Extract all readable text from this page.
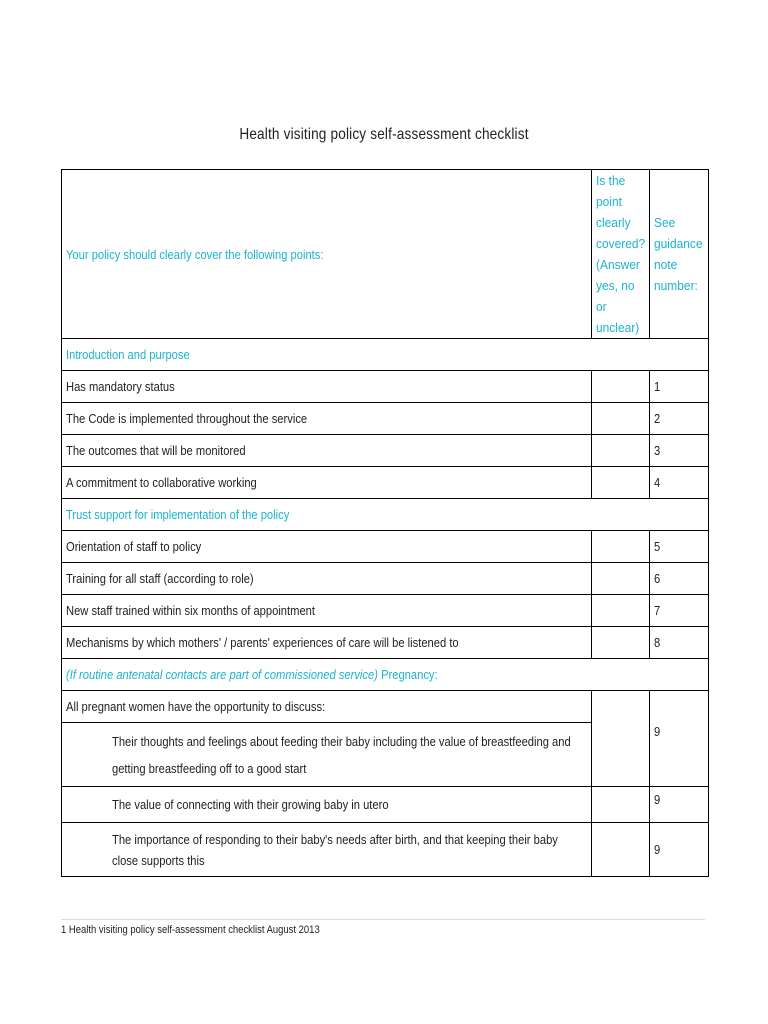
Health visiting policy self-assessment checklist
Your policy should clearly cover the following points:	Is the point clearly covered? (Answer yes, no or unclear)	See guidance note number:

Introduction and purpose		
Has mandatory status		1
The Code is implemented throughout the service		2
The outcomes that will be monitored		3
A commitment to collaborative working		4
Trust support for implementation of the policy		
Orientation of staff to policy		5
Training for all staff (according to role)		6
New staff trained within six months of appointment		7
Mechanisms by which mothers' / parents' experiences of care will be listened to		8
(If routine antenatal contacts are part of commissioned service) Pregnancy:		
All pregnant women have the opportunity to discuss:		9

Their thoughts and feelings about feeding their baby including the value of breastfeeding and getting breastfeeding off to a good start		

The value of connecting with their growing baby in utero		9

The importance of responding to their baby's needs after birth, and that keeping their baby close supports this		9
1 Health visiting policy self-assessment checklist August 2013
